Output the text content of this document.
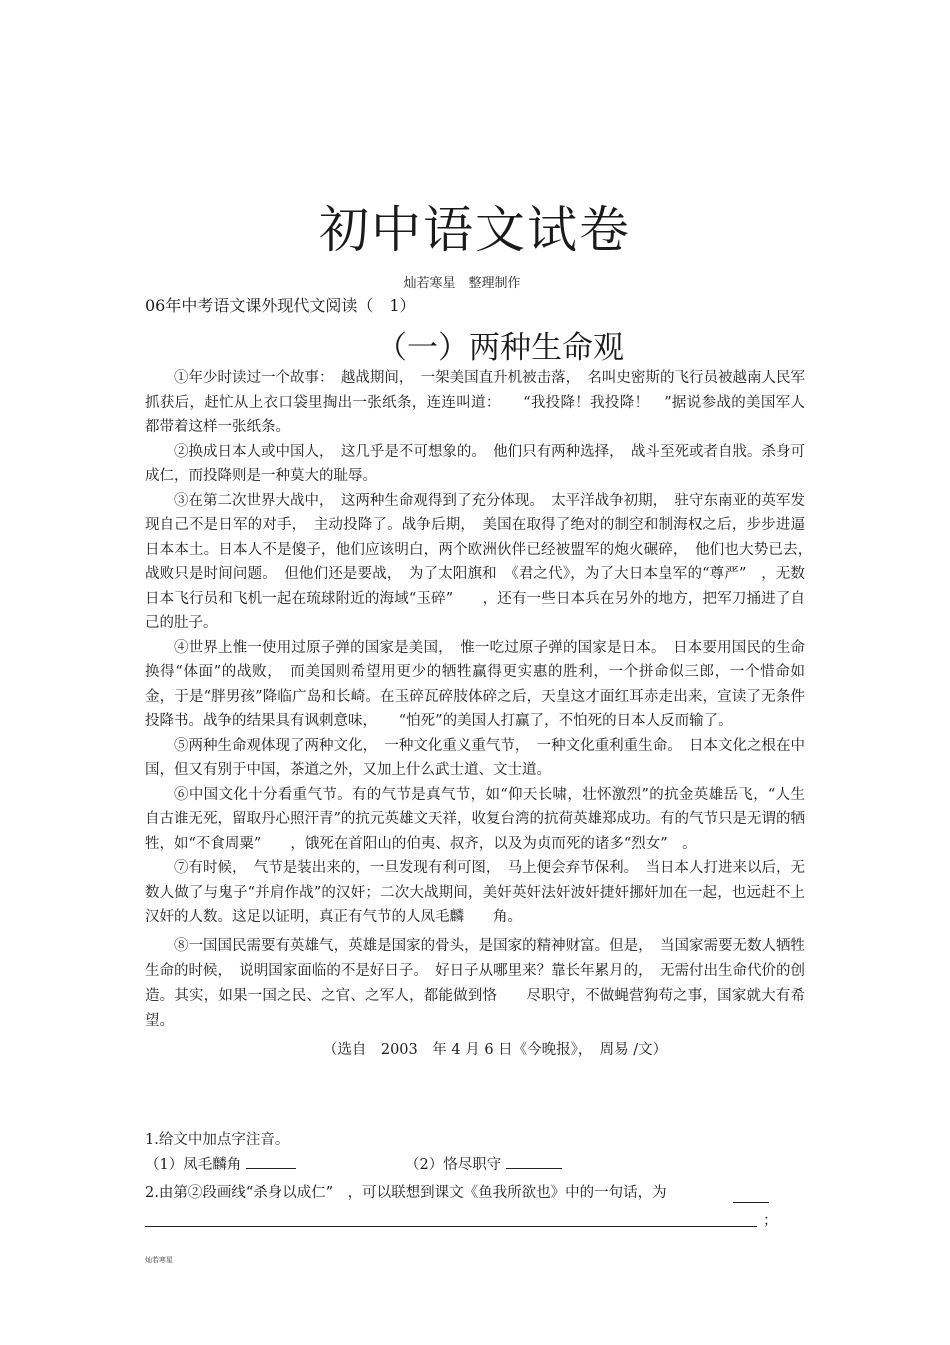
初中语文试卷
灿若寒星　整理制作
06年中考语文课外现代文阅读（　1）
（一）两种生命观

①年少时读过一个故事：　越战期间，　一架美国直升机被击落，　名叫史密斯的飞行员被越南人民军抓获后，赶忙从上衣口袋里掏出一张纸条，连连叫道：　　“我投降！我投降！　”据说参战的美国军人都带着这样一张纸条。

②换成日本人或中国人，　这几乎是不可想象的。　他们只有两种选择，　战斗至死或者自戕。杀身可成仁，而投降则是一种莫大的耻辱。

③在第二次世界大战中，　这两种生命观得到了充分体现。　太平洋战争初期，　驻守东南亚的英军发现自己不是日军的对手，　主动投降了。战争后期，　美国在取得了绝对的制空和制海权之后，步步进逼日本本土。日本人不是傻子，他们应该明白，两个欧洲伙伴已经被盟军的炮火碾碎，　他们也大势已去，　战败只是时间问题。　但他们还是要战，　为了太阳旗和　《君之代》，为了大日本皇军的“尊严”　，无数日本飞行员和飞机一起在琉球附近的海域“玉碎”　　，还有一些日本兵在另外的地方，把军刀捅进了自己的肚子。

④世界上惟一使用过原子弹的国家是美国，　惟一吃过原子弹的国家是日本。　日本要用国民的生命换得“体面”的战败，　而美国则希望用更少的牺牲赢得更实惠的胜利，一个拼命似三郎，一个惜命如金，于是“胖男孩”降临广岛和长崎。在玉碎瓦碎肢体碎之后，天皇这才面红耳赤走出来，宣读了无条件投降书。战争的结果具有讽刺意味，　　“怕死”的美国人打赢了，不怕死的日本人反而输了。

⑤两种生命观体现了两种文化，　一种文化重义重气节，　一种文化重利重生命。　日本文化之根在中国，但又有别于中国，茶道之外，又加上什么武士道、文士道。

⑥中国文化十分看重气节。有的气节是真气节，如“仰天长啸，壮怀激烈”的抗金英雄岳飞，“人生自古谁无死，留取丹心照汗青”的抗元英雄文天祥，收复台湾的抗荷英雄郑成功。有的气节只是无谓的牺牲，如“不食周粟”　　，饿死在首阳山的伯夷、叔齐，以及为贞而死的诸多“烈女”　。

⑦有时候，　气节是装出来的，一旦发现有利可图，　马上便会弃节保利。　当日本人打进来以后，无数人做了与鬼子“并肩作战”的汉奸；二次大战期间，美奸英奸法奸波奸捷奸挪奸加在一起，也远赶不上汉奸的人数。这足以证明，真正有气节的人凤毛麟　　角。

⑧一国国民需要有英雄气，英雄是国家的骨头，是国家的精神财富。但是，　当国家需要无数人牺牲生命的时候，　说明国家面临的不是好日子。　好日子从哪里来？靠长年累月的，　无需付出生命代价的创造。其实，如果一国之民、之官、之军人，都能做到恪　　尽职守，不做蝇营狗苟之事，国家就大有希望。

（选自　2003　年 4 月 6 日《今晚报》，　周易 /文）

1.给文中加点字注音。
（1）凤毛麟角	（2）恪尽职守
2.由第②段画线“杀身以成仁”　，可以联想到课文《鱼我所欲也》中的一句话，为
；
灿若寒星
